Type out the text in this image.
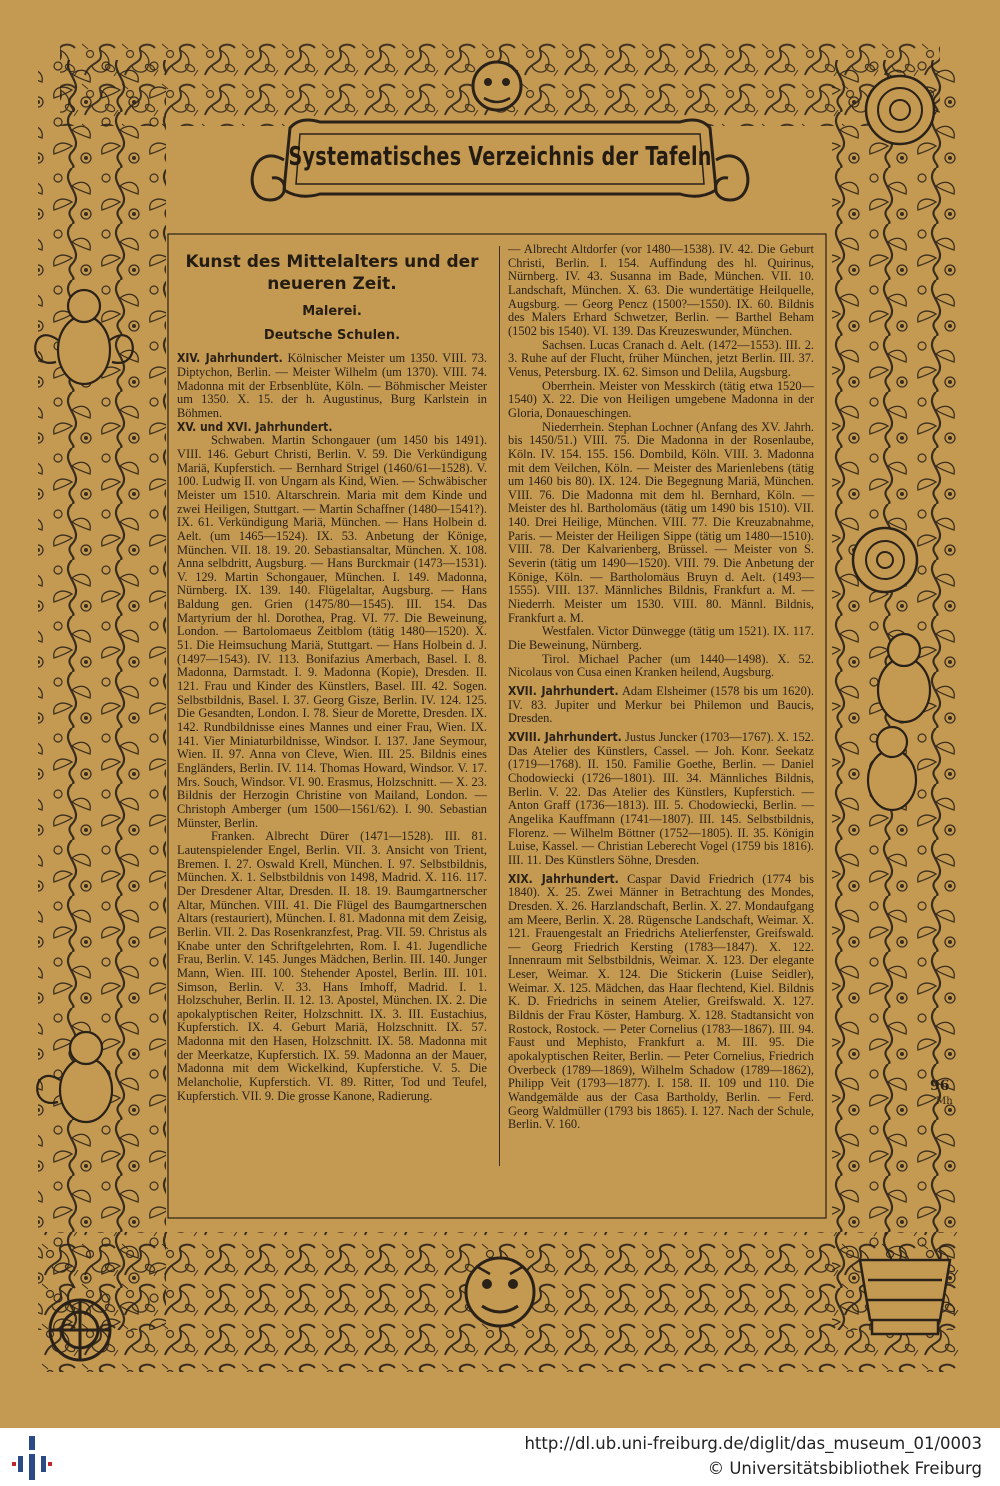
96
Mh
Systematisches Verzeichnis der Tafeln
Kunst des Mittelalters und der neueren Zeit.
Malerei.
Deutsche Schulen.

XIV. Jahrhundert. Kölnischer Meister um 1350. VIII. 73. Diptychon, Berlin. — Meister Wilhelm (um 1370). VIII. 74. Madonna mit der Erbsenblüte, Köln. — Böhmischer Meister um 1350. X. 15. der h. Augustinus, Burg Karlstein in Böhmen.

XV. und XVI. Jahrhundert.

Schwaben. Martin Schongauer (um 1450 bis 1491). VIII. 146. Geburt Christi, Berlin. V. 59. Die Verkündigung Mariä, Kupferstich. — Bernhard Strigel (1460/61—1528). V. 100. Ludwig II. von Ungarn als Kind, Wien. — Schwäbischer Meister um 1510. Altarschrein. Maria mit dem Kinde und zwei Heiligen, Stuttgart. — Martin Schaffner (1480—1541?). IX. 61. Verkündigung Mariä, München. — Hans Holbein d. Aelt. (um 1465—1524). IX. 53. Anbetung der Könige, München. VII. 18. 19. 20. Sebastiansaltar, München. X. 108. Anna selbdritt, Augsburg. — Hans Burckmair (1473—1531). V. 129. Martin Schongauer, München. I. 149. Madonna, Nürnberg. IX. 139. 140. Flügelaltar, Augsburg. — Hans Baldung gen. Grien (1475/80—1545). III. 154. Das Martyrium der hl. Dorothea, Prag. VI. 77. Die Beweinung, London. — Bartolomaeus Zeitblom (tätig 1480—1520). X. 51. Die Heimsuchung Mariä, Stuttgart. — Hans Holbein d. J. (1497—1543). IV. 113. Bonifazius Amerbach, Basel. I. 8. Madonna, Darmstadt. I. 9. Madonna (Kopie), Dresden. II. 121. Frau und Kinder des Künstlers, Basel. III. 42. Sogen. Selbstbildnis, Basel. I. 37. Georg Gisze, Berlin. IV. 124. 125. Die Gesandten, London. I. 78. Sieur de Morette, Dresden. IX. 142. Rundbildnisse eines Mannes und einer Frau, Wien. IX. 141. Vier Miniaturbildnisse, Windsor. I. 137. Jane Seymour, Wien. II. 97. Anna von Cleve, Wien. III. 25. Bildnis eines Engländers, Berlin. IV. 114. Thomas Howard, Windsor. V. 17. Mrs. Souch, Windsor. VI. 90. Erasmus, Holzschnitt. — X. 23. Bildnis der Herzogin Christine von Mailand, London. — Christoph Amberger (um 1500—1561/62). I. 90. Sebastian Münster, Berlin.

Franken. Albrecht Dürer (1471—1528). III. 81. Lautenspielender Engel, Berlin. VII. 3. Ansicht von Trient, Bremen. I. 27. Oswald Krell, München. I. 97. Selbstbildnis, München. X. 1. Selbstbildnis von 1498, Madrid. X. 116. 117. Der Dresdener Altar, Dresden. II. 18. 19. Baumgartnerscher Altar, München. VIII. 41. Die Flügel des Baumgartnerschen Altars (restauriert), München. I. 81. Madonna mit dem Zeisig, Berlin. VII. 2. Das Rosenkranzfest, Prag. VII. 59. Christus als Knabe unter den Schriftgelehrten, Rom. I. 41. Jugendliche Frau, Berlin. V. 145. Junges Mädchen, Berlin. III. 140. Junger Mann, Wien. III. 100. Stehender Apostel, Berlin. III. 101. Simson, Berlin. V. 33. Hans Imhoff, Madrid. I. 1. Holzschuher, Berlin. II. 12. 13. Apostel, München. IX. 2. Die apokalyptischen Reiter, Holzschnitt. IX. 3. III. Eustachius, Kupferstich. IX. 4. Geburt Mariä, Holzschnitt. IX. 57. Madonna mit den Hasen, Holzschnitt. IX. 58. Madonna mit der Meerkatze, Kupferstich. IX. 59. Madonna an der Mauer, Madonna mit dem Wickelkind, Kupferstiche. V. 5. Die Melancholie, Kupferstich. VI. 89. Ritter, Tod und Teufel, Kupferstich. VII. 9. Die grosse Kanone, Radierung.

— Albrecht Altdorfer (vor 1480—1538). IV. 42. Die Geburt Christi, Berlin. I. 154. Auffindung des hl. Quirinus, Nürnberg. IV. 43. Susanna im Bade, München. VII. 10. Landschaft, München. X. 63. Die wundertätige Heilquelle, Augsburg. — Georg Pencz (1500?—1550). IX. 60. Bildnis des Malers Erhard Schwetzer, Berlin. — Barthel Beham (1502 bis 1540). VI. 139. Das Kreuzeswunder, München.

Sachsen. Lucas Cranach d. Aelt. (1472—1553). III. 2. 3. Ruhe auf der Flucht, früher München, jetzt Berlin. III. 37. Venus, Petersburg. IX. 62. Simson und Delila, Augsburg.

Oberrhein. Meister von Messkirch (tätig etwa 1520—1540) X. 22. Die von Heiligen umgebene Madonna in der Gloria, Donaueschingen.

Niederrhein. Stephan Lochner (Anfang des XV. Jahrh. bis 1450/51.) VIII. 75. Die Madonna in der Rosenlaube, Köln. IV. 154. 155. 156. Dombild, Köln. VIII. 3. Madonna mit dem Veilchen, Köln. — Meister des Marienlebens (tätig um 1460 bis 80). IX. 124. Die Begegnung Mariä, München. VIII. 76. Die Madonna mit dem hl. Bernhard, Köln. — Meister des hl. Bartholomäus (tätig um 1490 bis 1510). VII. 140. Drei Heilige, München. VIII. 77. Die Kreuzabnahme, Paris. — Meister der Heiligen Sippe (tätig um 1480—1510). VIII. 78. Der Kalvarienberg, Brüssel. — Meister von S. Severin (tätig um 1490—1520). VIII. 79. Die Anbetung der Könige, Köln. — Bartholomäus Bruyn d. Aelt. (1493—1555). VIII. 137. Männliches Bildnis, Frankfurt a. M. — Niederrh. Meister um 1530. VIII. 80. Männl. Bildnis, Frankfurt a. M.

Westfalen. Victor Dünwegge (tätig um 1521). IX. 117. Die Beweinung, Nürnberg.

Tirol. Michael Pacher (um 1440—1498). X. 52. Nicolaus von Cusa einen Kranken heilend, Augsburg.

XVII. Jahrhundert. Adam Elsheimer (1578 bis um 1620). IV. 83. Jupiter und Merkur bei Philemon und Baucis, Dresden.

XVIII. Jahrhundert. Justus Juncker (1703—1767). X. 152. Das Atelier des Künstlers, Cassel. — Joh. Konr. Seekatz (1719—1768). II. 150. Familie Goethe, Berlin. — Daniel Chodowiecki (1726—1801). III. 34. Männliches Bildnis, Berlin. V. 22. Das Atelier des Künstlers, Kupferstich. — Anton Graff (1736—1813). III. 5. Chodowiecki, Berlin. — Angelika Kauffmann (1741—1807). III. 145. Selbstbildnis, Florenz. — Wilhelm Böttner (1752—1805). II. 35. Königin Luise, Kassel. — Christian Leberecht Vogel (1759 bis 1816). III. 11. Des Künstlers Söhne, Dresden.

XIX. Jahrhundert. Caspar David Friedrich (1774 bis 1840). X. 25. Zwei Männer in Betrachtung des Mondes, Dresden. X. 26. Harzlandschaft, Berlin. X. 27. Mondaufgang am Meere, Berlin. X. 28. Rügensche Landschaft, Weimar. X. 121. Frauengestalt an Friedrichs Atelierfenster, Greifswald. — Georg Friedrich Kersting (1783—1847). X. 122. Innenraum mit Selbstbildnis, Weimar. X. 123. Der elegante Leser, Weimar. X. 124. Die Stickerin (Luise Seidler), Weimar. X. 125. Mädchen, das Haar flechtend, Kiel. Bildnis K. D. Friedrichs in seinem Atelier, Greifswald. X. 127. Bildnis der Frau Köster, Hamburg. X. 128. Stadtansicht von Rostock, Rostock. — Peter Cornelius (1783—1867). III. 94. Faust und Mephisto, Frankfurt a. M. III. 95. Die apokalyptischen Reiter, Berlin. — Peter Cornelius, Friedrich Overbeck (1789—1869), Wilhelm Schadow (1789—1862), Philipp Veit (1793—1877). I. 158. II. 109 und 110. Die Wandgemälde aus der Casa Bartholdy, Berlin. — Ferd. Georg Waldmüller (1793 bis 1865). I. 127. Nach der Schule, Berlin. V. 160.

http://dl.ub.uni-freiburg.de/diglit/das_museum_01/0003
© Universitätsbibliothek Freiburg
